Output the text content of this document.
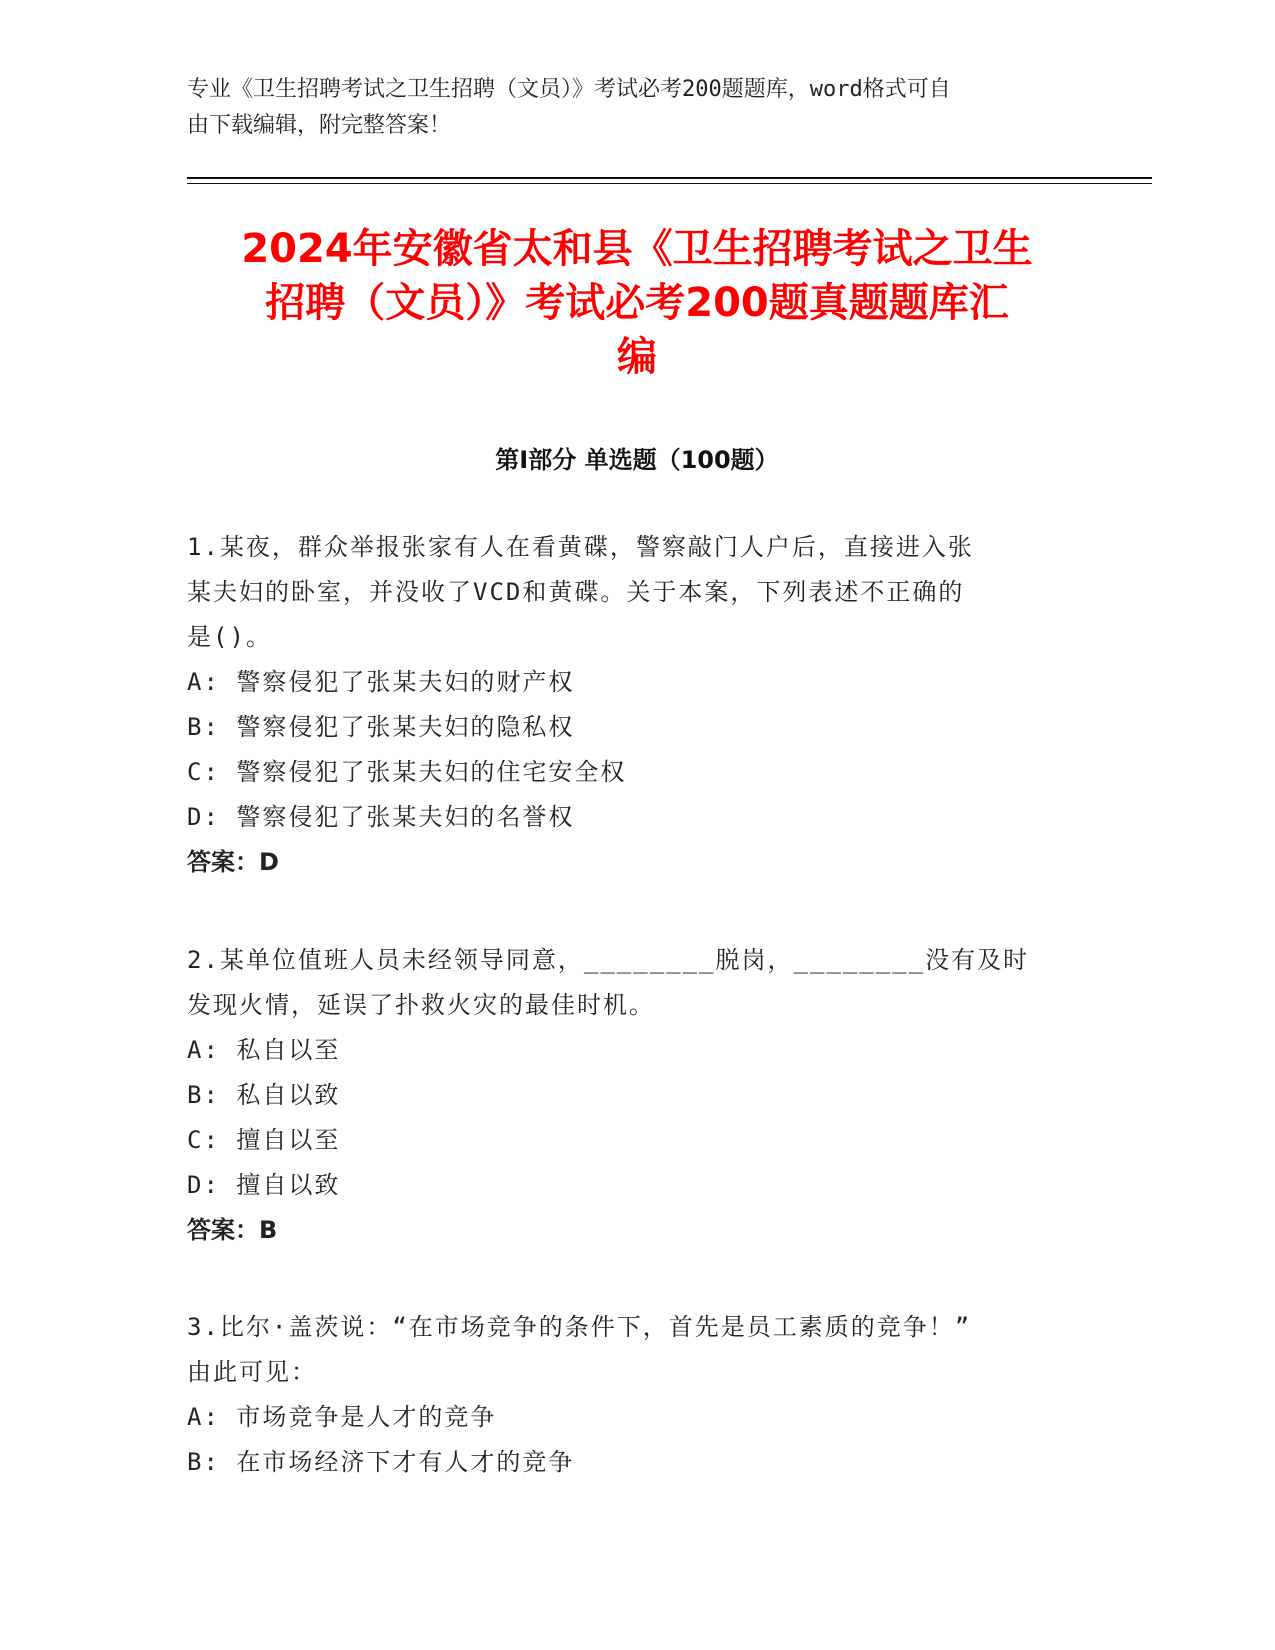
专业《卫生招聘考试之卫生招聘（文员）》考试必考200题题库，word格式可自
由下载编辑，附完整答案！
2024年安徽省太和县《卫生招聘考试之卫生
招聘（文员）》考试必考200题真题题库汇
编
第Ⅰ部分 单选题（100题）
1.某夜，群众举报张家有人在看黄碟，警察敲门人户后，直接进入张
某夫妇的卧室，并没收了VCD和黄碟。关于本案，下列表述不正确的
是()。
A: 警察侵犯了张某夫妇的财产权
B: 警察侵犯了张某夫妇的隐私权
C: 警察侵犯了张某夫妇的住宅安全权
D: 警察侵犯了张某夫妇的名誉权
答案：D
2.某单位值班人员未经领导同意，________脱岗，________没有及时
发现火情，延误了扑救火灾的最佳时机。
A: 私自以至
B: 私自以致
C: 擅自以至
D: 擅自以致
答案：B
3.比尔·盖茨说：“在市场竞争的条件下，首先是员工素质的竞争！”
由此可见：
A: 市场竞争是人才的竞争
B: 在市场经济下才有人才的竞争
